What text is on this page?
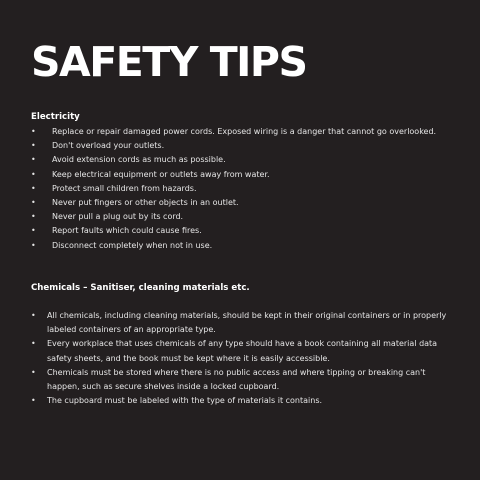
SAFETY TIPS
Electricity
•	Replace or repair damaged power cords. Exposed wiring is a danger that cannot go overlooked.
•	Don't overload your outlets.
•	Avoid extension cords as much as possible.
•	Keep electrical equipment or outlets away from water.
•	Protect small children from hazards.
•	Never put fingers or other objects in an outlet.
•	Never pull a plug out by its cord.
•	Report faults which could cause fires.
•	Disconnect completely when not in use.
Chemicals – Sanitiser, cleaning materials etc.
•	All chemicals, including cleaning materials, should be kept in their original containers or in properly labeled containers of an appropriate type.
•	Every workplace that uses chemicals of any type should have a book containing all material data safety sheets, and the book must be kept where it is easily accessible.
•	Chemicals must be stored where there is no public access and where tipping or breaking can't happen, such as secure shelves inside a locked cupboard.
•	The cupboard must be labeled with the type of materials it contains.
